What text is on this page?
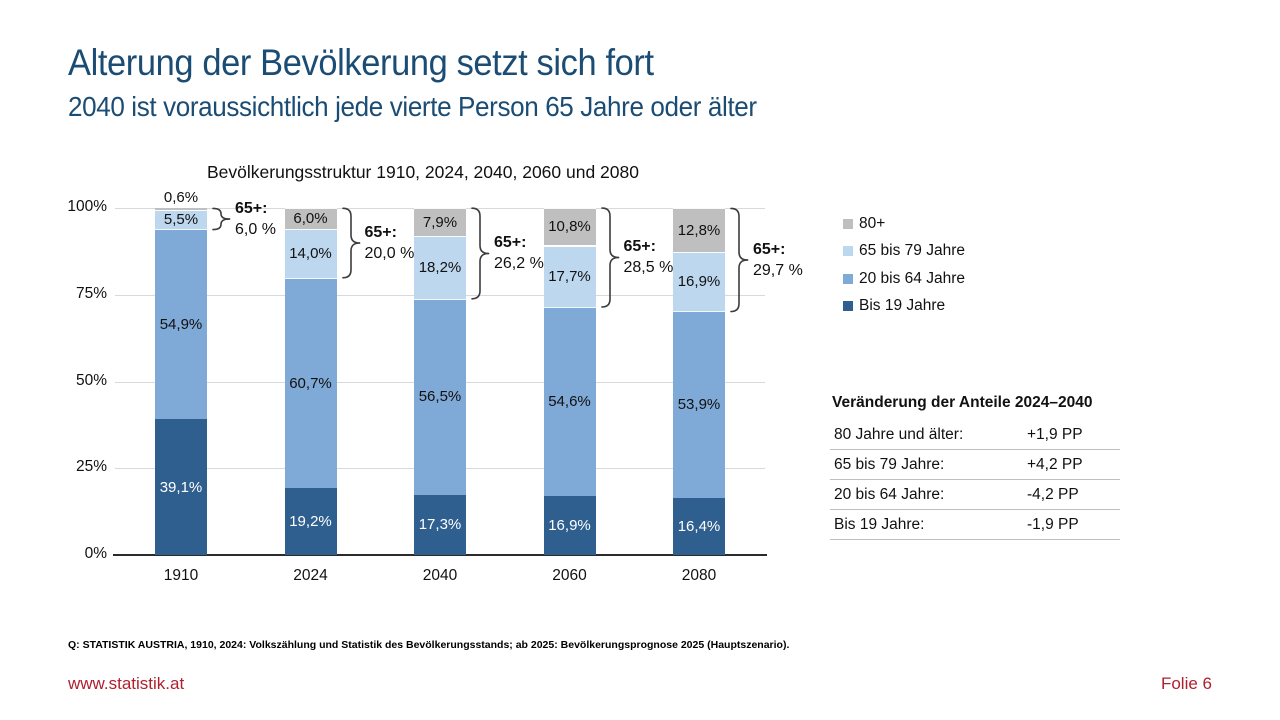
Alterung der Bevölkerung setzt sich fort
2040 ist voraussichtlich jede vierte Person 65 Jahre oder älter
Bevölkerungsstruktur 1910, 2024, 2040, 2060 und 2080
0%
25%
50%
75%
100%
39,1%
54,9%
5,5%
0,6%
1910
65+:
6,0 %
19,2%
60,7%
14,0%
6,0%
2024
65+:
20,0 %
17,3%
56,5%
18,2%
7,9%
2040
65+:
26,2 %
16,9%
54,6%
17,7%
10,8%
2060
65+:
28,5 %
16,4%
53,9%
16,9%
12,8%
2080
65+:
29,7 %
80+
65 bis 79 Jahre
20 bis 64 Jahre
Bis 19 Jahre
Veränderung der Anteile 2024–2040
80 Jahre und älter:	+1,9 PP
65 bis 79 Jahre:	+4,2 PP
20 bis 64 Jahre:	-4,2 PP
Bis 19 Jahre:	-1,9 PP
Q: STATISTIK AUSTRIA, 1910, 2024: Volkszählung und Statistik des Bevölkerungsstands; ab 2025: Bevölkerungsprognose 2025 (Hauptszenario).
www.statistik.at	Folie 6
